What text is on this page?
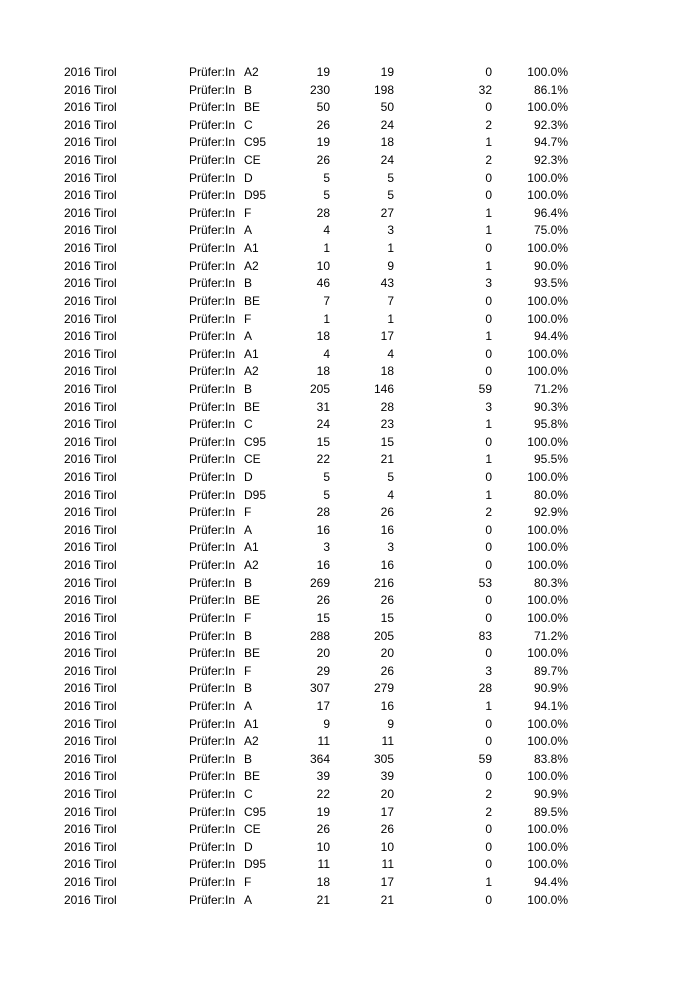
2016 Tirol	Prüfer:In A2	19	19	0	100.0%
2016 Tirol	Prüfer:In B	230	198	32	86.1%
2016 Tirol	Prüfer:In BE	50	50	0	100.0%
2016 Tirol	Prüfer:In C	26	24	2	92.3%
2016 Tirol	Prüfer:In C95	19	18	1	94.7%
2016 Tirol	Prüfer:In CE	26	24	2	92.3%
2016 Tirol	Prüfer:In D	5	5	0	100.0%
2016 Tirol	Prüfer:In D95	5	5	0	100.0%
2016 Tirol	Prüfer:In F	28	27	1	96.4%
2016 Tirol	Prüfer:In A	4	3	1	75.0%
2016 Tirol	Prüfer:In A1	1	1	0	100.0%
2016 Tirol	Prüfer:In A2	10	9	1	90.0%
2016 Tirol	Prüfer:In B	46	43	3	93.5%
2016 Tirol	Prüfer:In BE	7	7	0	100.0%
2016 Tirol	Prüfer:In F	1	1	0	100.0%
2016 Tirol	Prüfer:In A	18	17	1	94.4%
2016 Tirol	Prüfer:In A1	4	4	0	100.0%
2016 Tirol	Prüfer:In A2	18	18	0	100.0%
2016 Tirol	Prüfer:In B	205	146	59	71.2%
2016 Tirol	Prüfer:In BE	31	28	3	90.3%
2016 Tirol	Prüfer:In C	24	23	1	95.8%
2016 Tirol	Prüfer:In C95	15	15	0	100.0%
2016 Tirol	Prüfer:In CE	22	21	1	95.5%
2016 Tirol	Prüfer:In D	5	5	0	100.0%
2016 Tirol	Prüfer:In D95	5	4	1	80.0%
2016 Tirol	Prüfer:In F	28	26	2	92.9%
2016 Tirol	Prüfer:In A	16	16	0	100.0%
2016 Tirol	Prüfer:In A1	3	3	0	100.0%
2016 Tirol	Prüfer:In A2	16	16	0	100.0%
2016 Tirol	Prüfer:In B	269	216	53	80.3%
2016 Tirol	Prüfer:In BE	26	26	0	100.0%
2016 Tirol	Prüfer:In F	15	15	0	100.0%
2016 Tirol	Prüfer:In B	288	205	83	71.2%
2016 Tirol	Prüfer:In BE	20	20	0	100.0%
2016 Tirol	Prüfer:In F	29	26	3	89.7%
2016 Tirol	Prüfer:In B	307	279	28	90.9%
2016 Tirol	Prüfer:In A	17	16	1	94.1%
2016 Tirol	Prüfer:In A1	9	9	0	100.0%
2016 Tirol	Prüfer:In A2	11	11	0	100.0%
2016 Tirol	Prüfer:In B	364	305	59	83.8%
2016 Tirol	Prüfer:In BE	39	39	0	100.0%
2016 Tirol	Prüfer:In C	22	20	2	90.9%
2016 Tirol	Prüfer:In C95	19	17	2	89.5%
2016 Tirol	Prüfer:In CE	26	26	0	100.0%
2016 Tirol	Prüfer:In D	10	10	0	100.0%
2016 Tirol	Prüfer:In D95	11	11	0	100.0%
2016 Tirol	Prüfer:In F	18	17	1	94.4%
2016 Tirol	Prüfer:In A	21	21	0	100.0%
